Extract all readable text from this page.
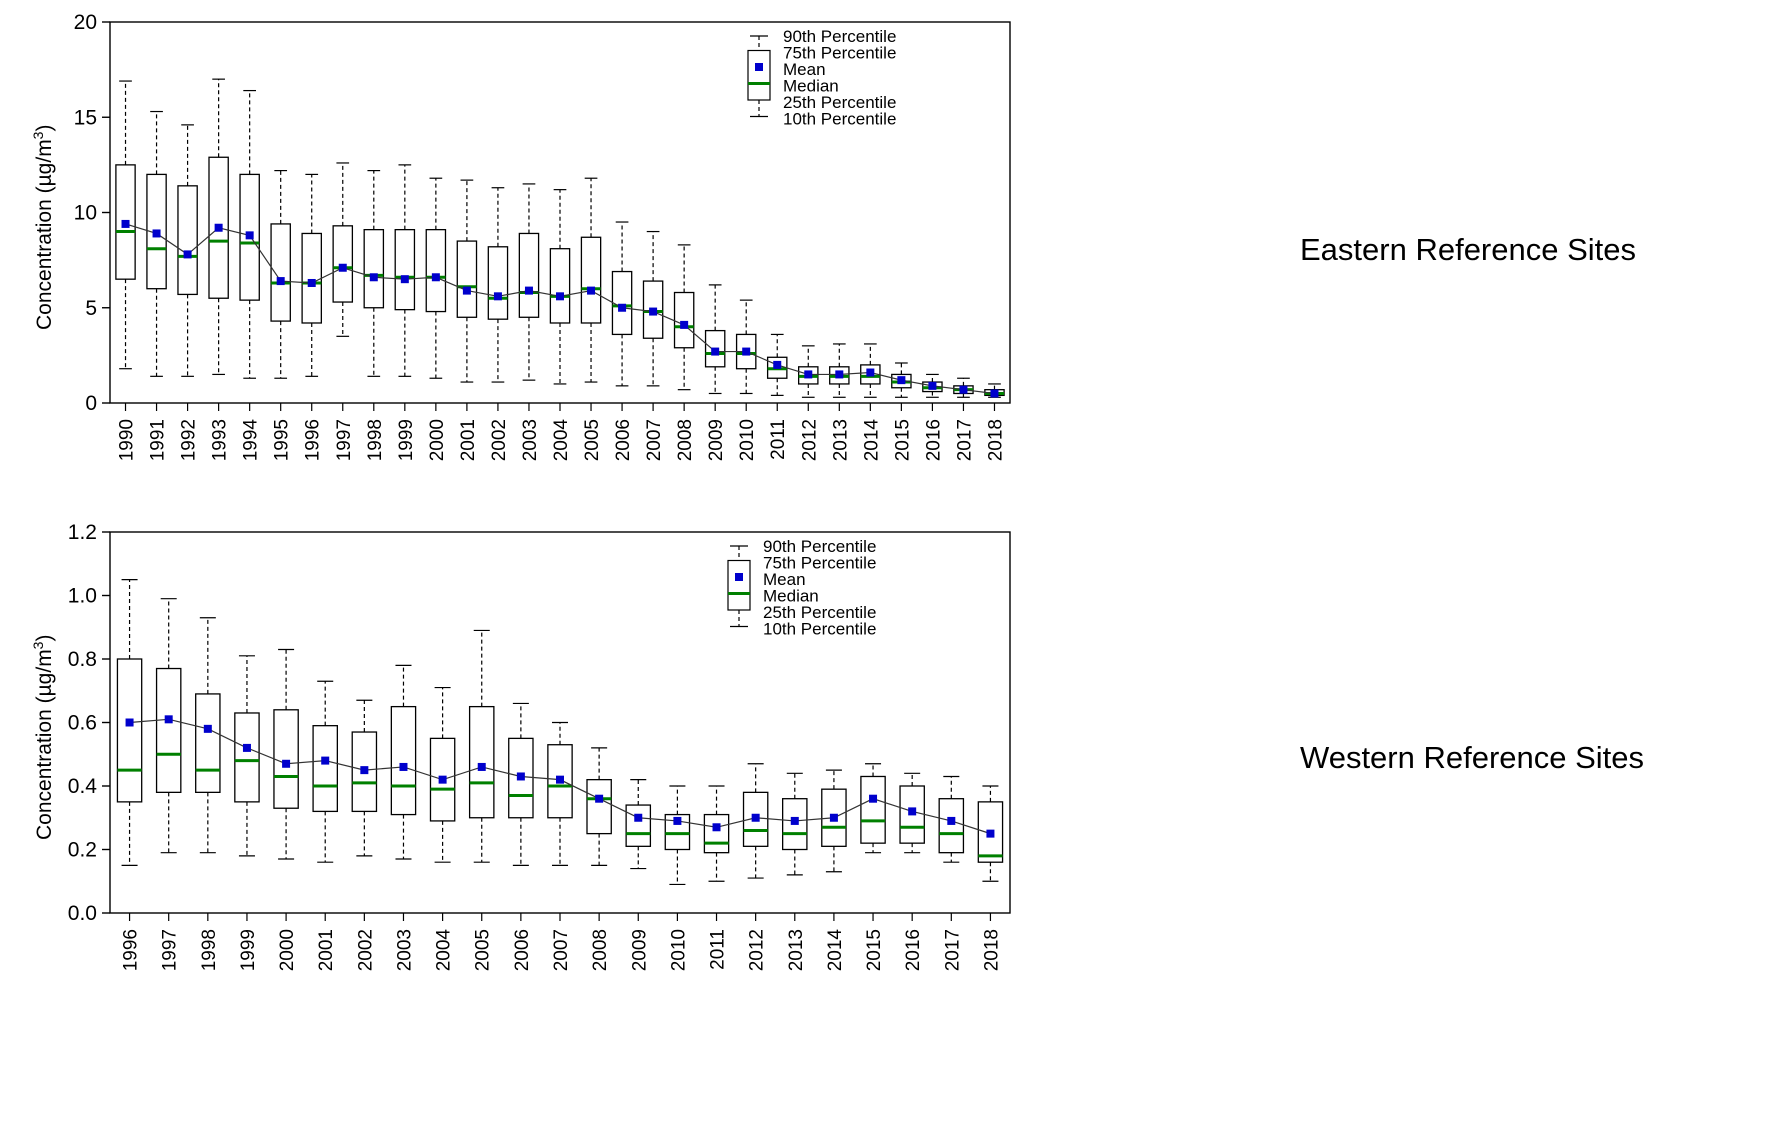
0
5
10
15
20
1990 1991 1992 1993 1994 1995 1996 1997 1998 1999 2000 2001 2002 2003 2004 2005 2006 2007 2008 2009 2010 2011 2012 2013 2014 2015 2016 2017 2018
90th Percentile
75th Percentile
Mean
Median
25th Percentile
10th Percentile
Concentration $(\mu g/m^3)$
0.0
0.2
0.4
0.6
0.8
1.0
1.2
1996 1997 1998 1999 2000 2001 2002 2003 2004 2005 2006 2007 2008 2009 2010 2011 2012 2013 2014 2015 2016 2017 2018
90th Percentile
75th Percentile
Mean
Median
25th Percentile
10th Percentile
Concentration $(\mu g/m^3)$
Eastern Reference Sites
Western Reference Sites
